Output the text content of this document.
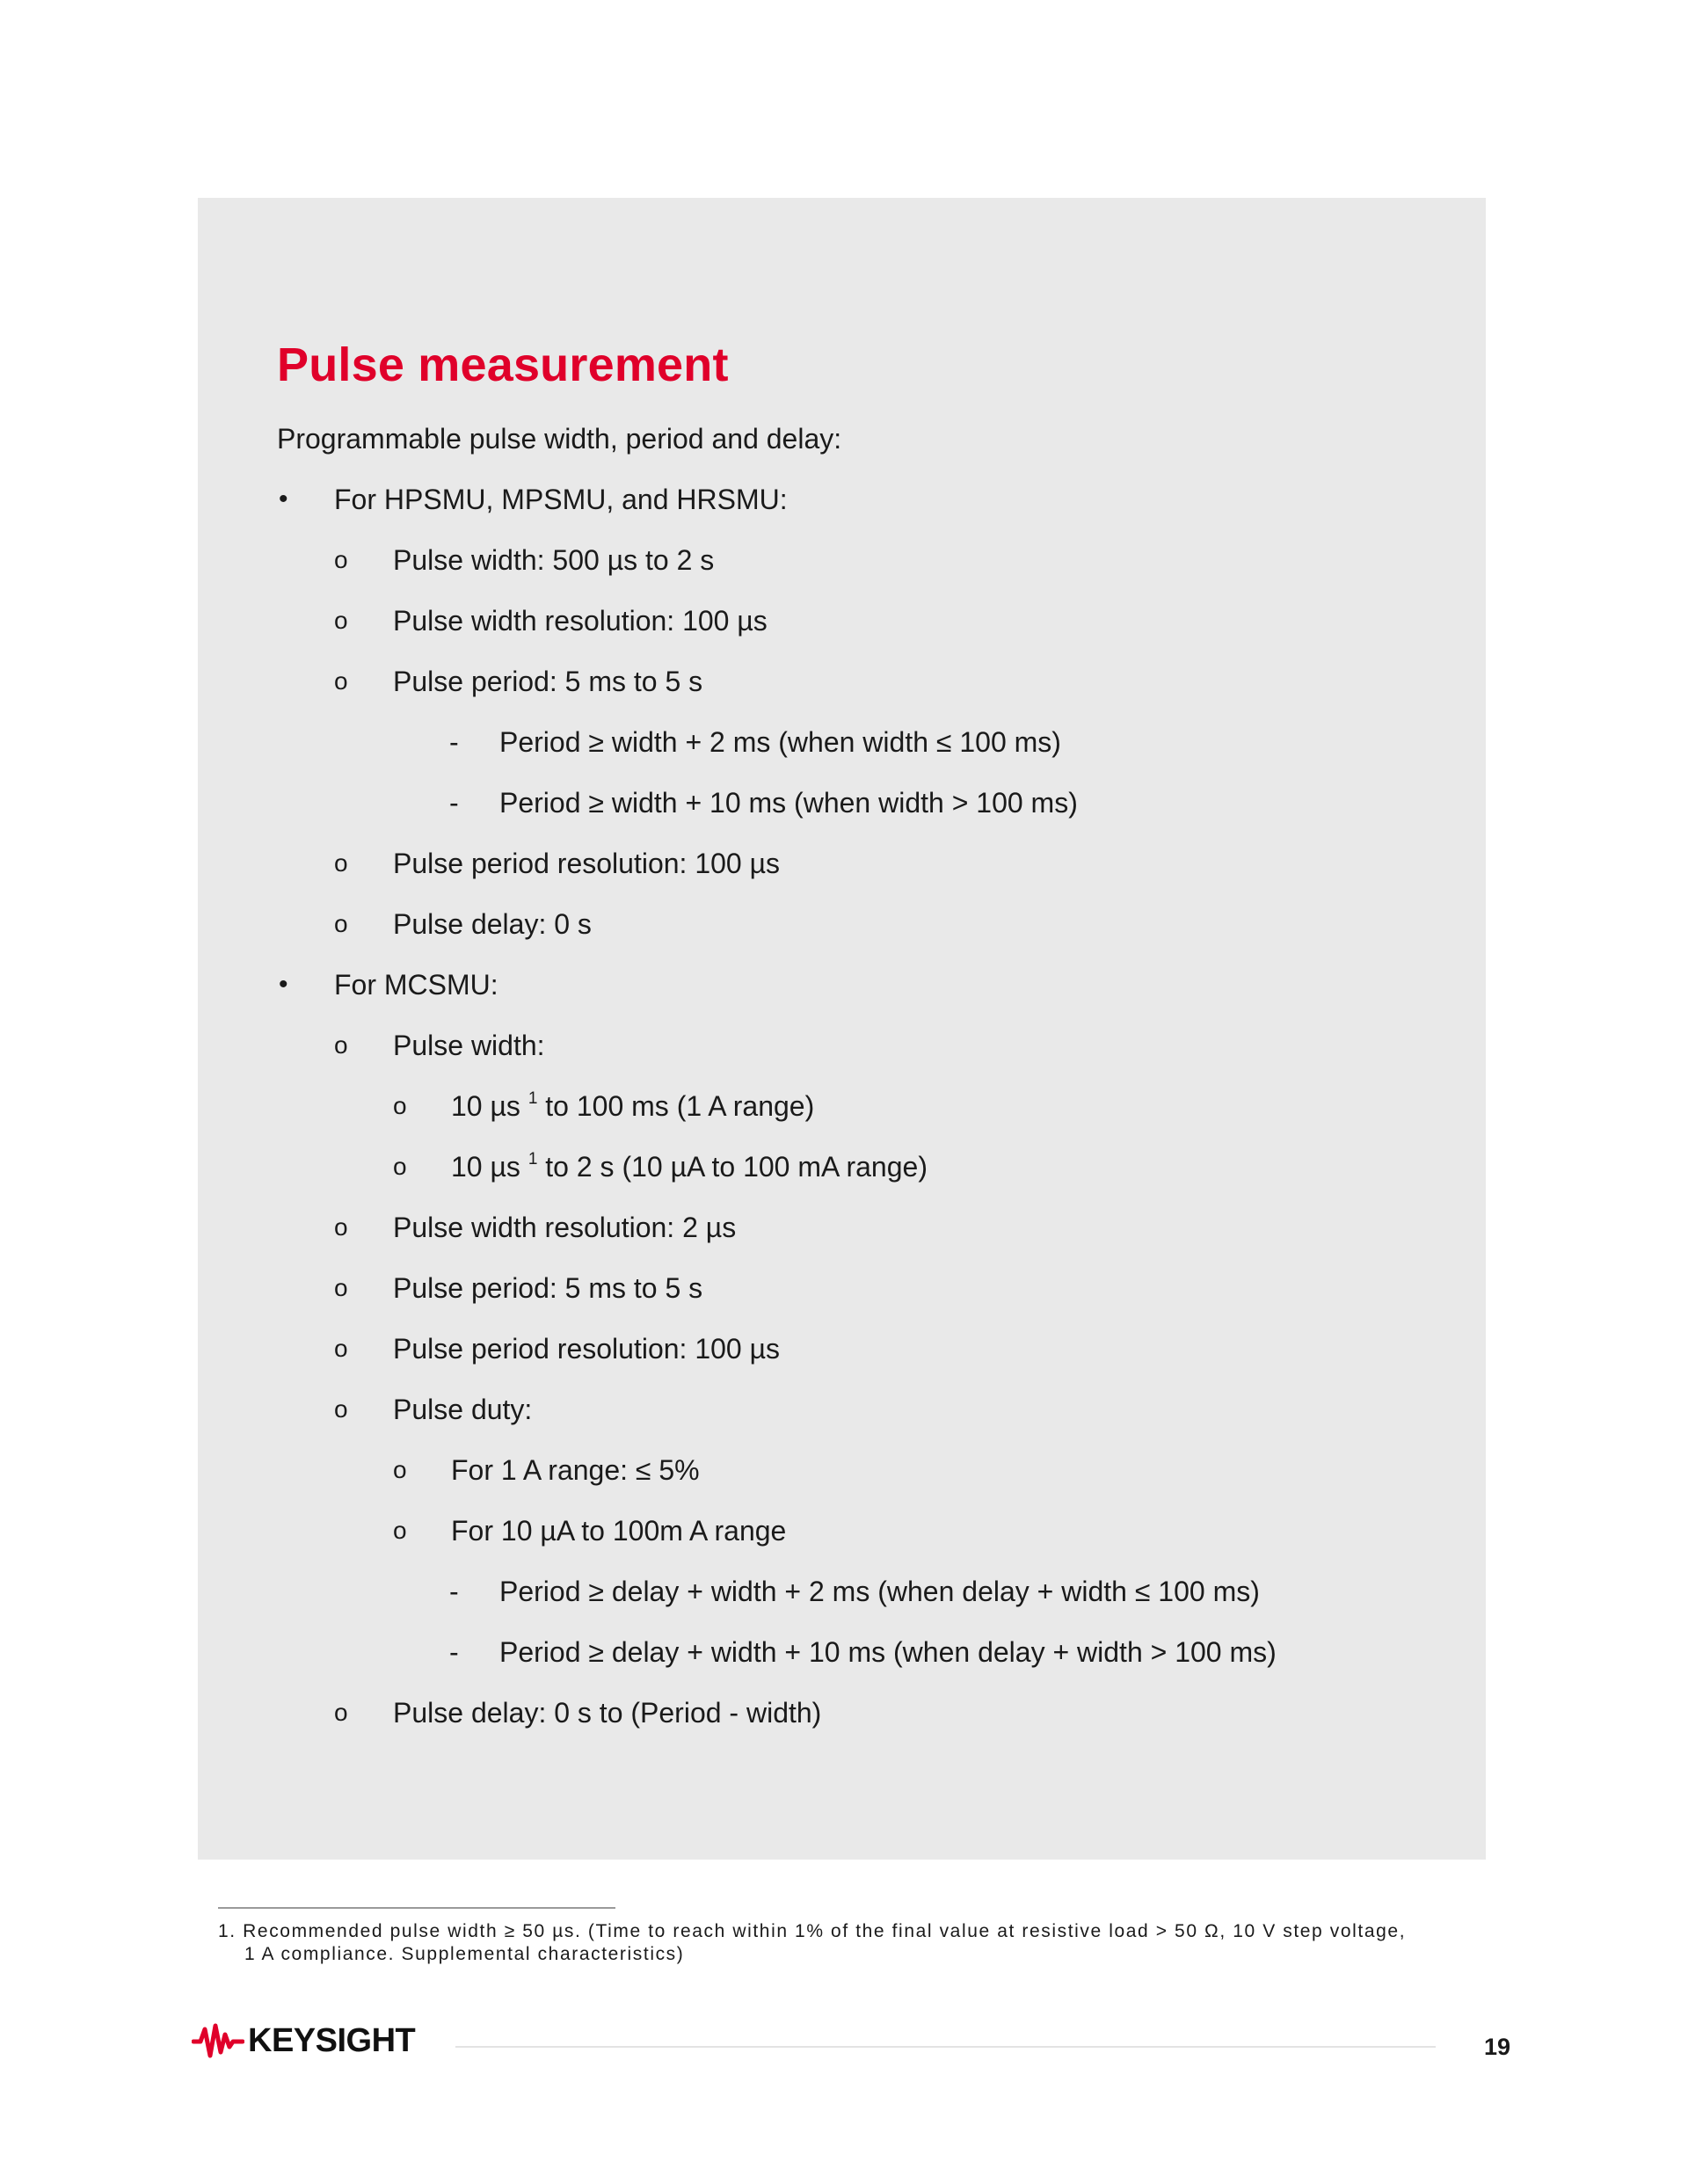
Pulse measurement
Programmable pulse width, period and delay:
• For HPSMU, MPSMU, and HRSMU:
o Pulse width: 500 µs to 2 s
o Pulse width resolution: 100 µs
o Pulse period: 5 ms to 5 s
- Period ≥ width + 2 ms (when width ≤ 100 ms)
- Period ≥ width + 10 ms (when width > 100 ms)
o Pulse period resolution: 100 µs
o Pulse delay: 0 s
• For MCSMU:
o Pulse width:
o 10 µs $^1$ to 100 ms (1 A range)
o 10 µs $^1$ to 2 s (10 µA to 100 mA range)
o Pulse width resolution: 2 µs
o Pulse period: 5 ms to 5 s
o Pulse period resolution: 100 µs
o Pulse duty:
o For 1 A range: ≤ 5%
o For 10 µA to 100m A range
- Period ≥ delay + width + 2 ms (when delay + width ≤ 100 ms)
- Period ≥ delay + width + 10 ms (when delay + width > 100 ms)
o Pulse delay: 0 s to (Period - width)
1. Recommended pulse width ≥ 50 µs. (Time to reach within 1% of the final value at resistive load > 50 Ω, 10 V step voltage,
1 A compliance. Supplemental characteristics)
KEYSIGHT	19
